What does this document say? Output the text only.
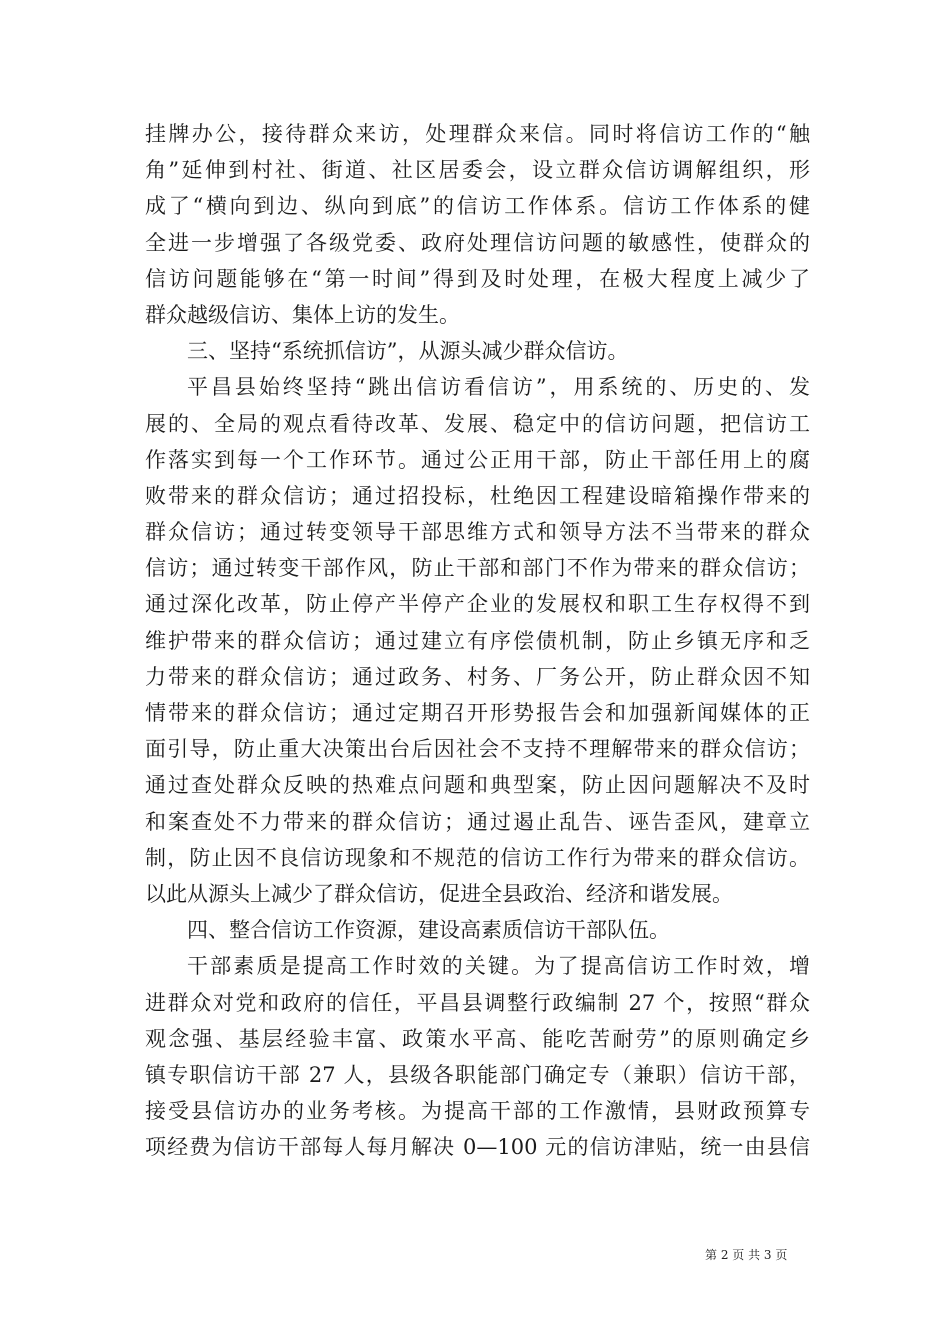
挂牌办公，接待群众来访，处理群众来信。同时将信访工作的“触
角”延伸到村社、街道、社区居委会，设立群众信访调解组织，形
成了“横向到边、纵向到底”的信访工作体系。信访工作体系的健
全进一步增强了各级党委、政府处理信访问题的敏感性，使群众的
信访问题能够在“第一时间”得到及时处理，在极大程度上减少了
群众越级信访、集体上访的发生。
三、坚持“系统抓信访”，从源头减少群众信访。
平昌县始终坚持“跳出信访看信访”，用系统的、历史的、发
展的、全局的观点看待改革、发展、稳定中的信访问题，把信访工
作落实到每一个工作环节。通过公正用干部，防止干部任用上的腐
败带来的群众信访；通过招投标，杜绝因工程建设暗箱操作带来的
群众信访；通过转变领导干部思维方式和领导方法不当带来的群众
信访；通过转变干部作风，防止干部和部门不作为带来的群众信访；
通过深化改革，防止停产半停产企业的发展权和职工生存权得不到
维护带来的群众信访；通过建立有序偿债机制，防止乡镇无序和乏
力带来的群众信访；通过政务、村务、厂务公开，防止群众因不知
情带来的群众信访；通过定期召开形势报告会和加强新闻媒体的正
面引导，防止重大决策出台后因社会不支持不理解带来的群众信访；
通过查处群众反映的热难点问题和典型案，防止因问题解决不及时
和案查处不力带来的群众信访；通过遏止乱告、诬告歪风，建章立
制，防止因不良信访现象和不规范的信访工作行为带来的群众信访。
以此从源头上减少了群众信访，促进全县政治、经济和谐发展。
四、整合信访工作资源，建设高素质信访干部队伍。
干部素质是提高工作时效的关键。为了提高信访工作时效，增
进群众对党和政府的信任，平昌县调整行政编制 27 个，按照“群众
观念强、基层经验丰富、政策水平高、能吃苦耐劳”的原则确定乡
镇专职信访干部 27 人，县级各职能部门确定专（兼职）信访干部，
接受县信访办的业务考核。为提高干部的工作激情，县财政预算专
项经费为信访干部每人每月解决 0—100 元的信访津贴，统一由县信
第 2 页 共 3 页
